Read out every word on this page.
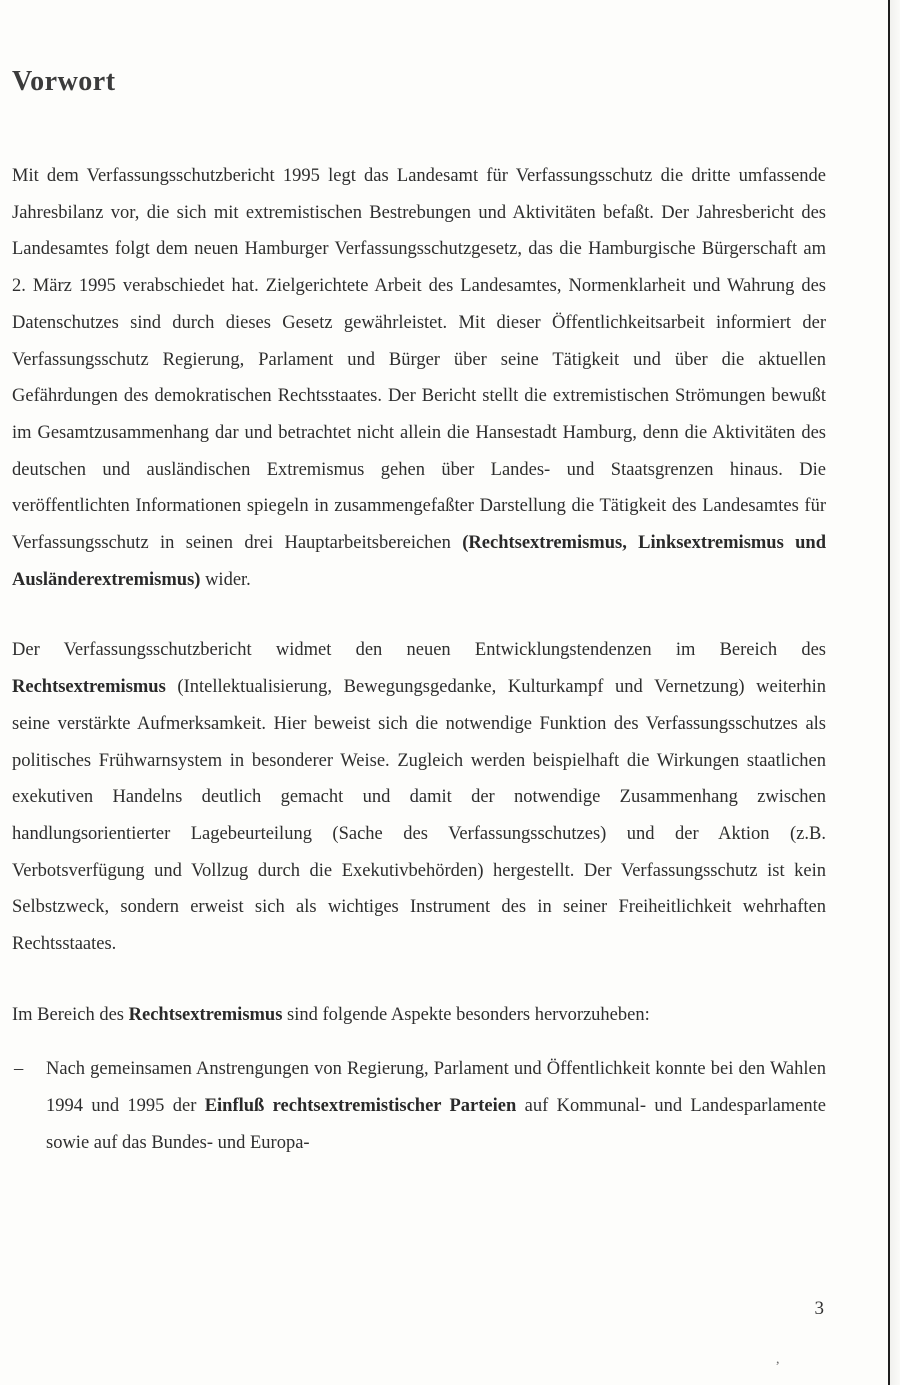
Vorwort

Mit dem Verfassungsschutzbericht 1995 legt das Landesamt für Verfassungsschutz die dritte umfassende Jahresbilanz vor, die sich mit extremistischen Bestrebungen und Aktivitäten befaßt. Der Jahresbericht des Landesamtes folgt dem neuen Hamburger Verfassungsschutzgesetz, das die Hamburgische Bürgerschaft am 2. März 1995 verabschiedet hat. Zielgerichtete Arbeit des Landesamtes, Normenklarheit und Wahrung des Datenschutzes sind durch dieses Gesetz gewährleistet. Mit dieser Öffentlichkeitsarbeit informiert der Verfassungsschutz Regierung, Parlament und Bürger über seine Tätigkeit und über die aktuellen Gefährdungen des demokratischen Rechtsstaates. Der Bericht stellt die extremistischen Strömungen bewußt im Gesamtzusammenhang dar und betrachtet nicht allein die Hansestadt Hamburg, denn die Aktivitäten des deutschen und ausländischen Extremismus gehen über Landes- und Staatsgrenzen hinaus. Die veröffentlichten Informationen spiegeln in zusammengefaßter Darstellung die Tätigkeit des Landesamtes für Verfassungsschutz in seinen drei Hauptarbeitsbereichen (Rechtsextremismus, Linksextremismus und Ausländerextremismus) wider.

Der Verfassungsschutzbericht widmet den neuen Entwicklungstendenzen im Bereich des Rechtsextremismus (Intellektualisierung, Bewegungsgedanke, Kulturkampf und Vernetzung) weiterhin seine verstärkte Aufmerksamkeit. Hier beweist sich die notwendige Funktion des Verfassungsschutzes als politisches Frühwarnsystem in besonderer Weise. Zugleich werden beispielhaft die Wirkungen staatlichen exekutiven Handelns deutlich gemacht und damit der notwendige Zusammenhang zwischen handlungsorientierter Lagebeurteilung (Sache des Verfassungsschutzes) und der Aktion (z.B. Verbotsverfügung und Vollzug durch die Exekutivbehörden) hergestellt. Der Verfassungsschutz ist kein Selbstzweck, sondern erweist sich als wichtiges Instrument des in seiner Freiheitlichkeit wehrhaften Rechtsstaates.

Im Bereich des Rechtsextremismus sind folgende Aspekte besonders hervorzuheben:

– Nach gemeinsamen Anstrengungen von Regierung, Parlament und Öffentlichkeit konnte bei den Wahlen 1994 und 1995 der Einfluß rechtsextremistischer Parteien auf Kommunal- und Landesparlamente sowie auf das Bundes- und Europa-

3
,
